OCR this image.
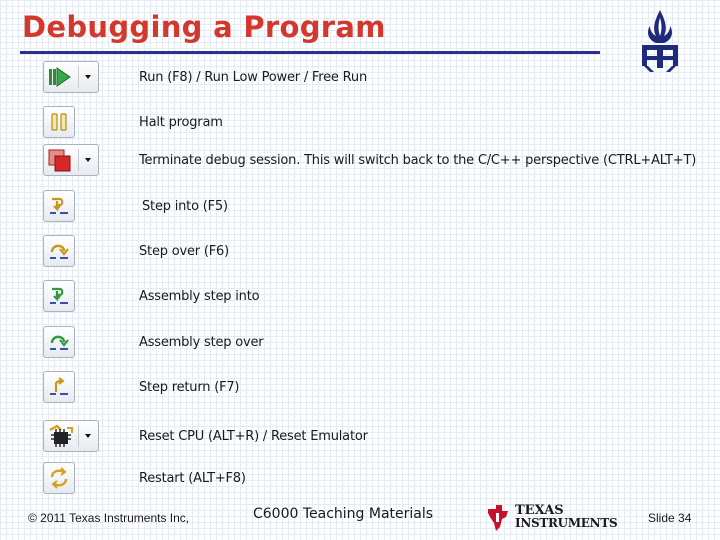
Debugging a Program
Run (F8) / Run Low Power / Free Run
Halt program
Terminate debug session. This will switch back to the C/C++ perspective (CTRL+ALT+T)
Step into (F5)
Step over (F6)
Assembly step into
Assembly step over
Step return (F7)
Reset CPU (ALT+R) / Reset Emulator
Restart (ALT+F8)
© 2011 Texas Instruments Inc,	C6000 Teaching Materials	TEXAS
INSTRUMENTS	Slide 34
